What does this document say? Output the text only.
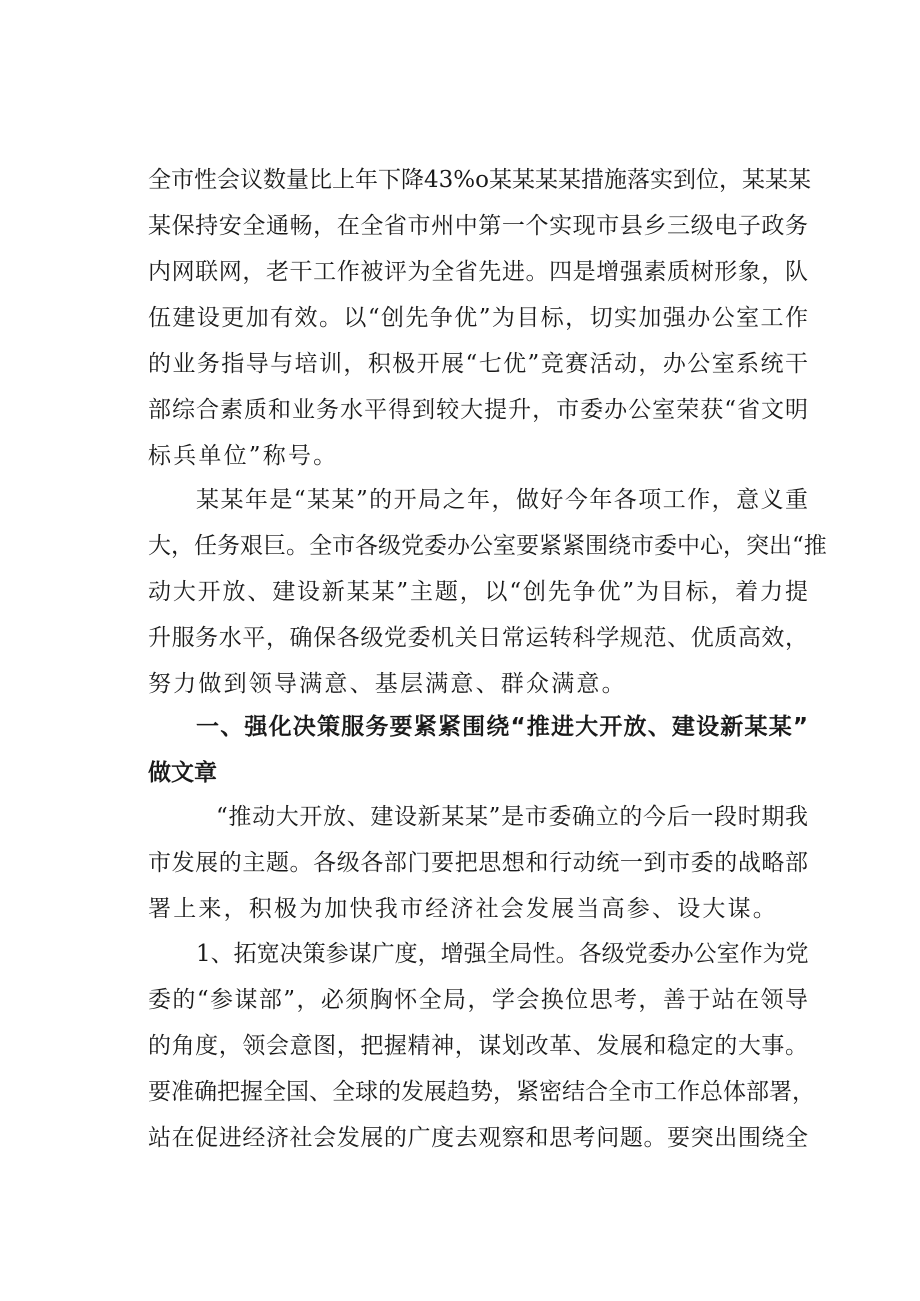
全市性会议数量比上年下降43%o某某某某措施落实到位，某某某
某保持安全通畅，在全省市州中第一个实现市县乡三级电子政务
内网联网，老干工作被评为全省先进。四是增强素质树形象，队
伍建设更加有效。以“创先争优”为目标，切实加强办公室工作
的业务指导与培训，积极开展“七优”竞赛活动，办公室系统干
部综合素质和业务水平得到较大提升，市委办公室荣获“省文明
标兵单位”称号。
某某年是“某某”的开局之年，做好今年各项工作，意义重
大，任务艰巨。全市各级党委办公室要紧紧围绕市委中心，突出“推
动大开放、建设新某某”主题，以“创先争优”为目标，着力提
升服务水平，确保各级党委机关日常运转科学规范、优质高效，
努力做到领导满意、基层满意、群众满意。
一、强化决策服务要紧紧围绕“推进大开放、建设新某某”
做文章
“推动大开放、建设新某某”是市委确立的今后一段时期我
市发展的主题。各级各部门要把思想和行动统一到市委的战略部
署上来，积极为加快我市经济社会发展当高参、设大谋。
1、拓宽决策参谋广度，增强全局性。各级党委办公室作为党
委的“参谋部”，必须胸怀全局，学会换位思考，善于站在领导
的角度，领会意图，把握精神，谋划改革、发展和稳定的大事。
要准确把握全国、全球的发展趋势，紧密结合全市工作总体部署，
站在促进经济社会发展的广度去观察和思考问题。要突出围绕全
